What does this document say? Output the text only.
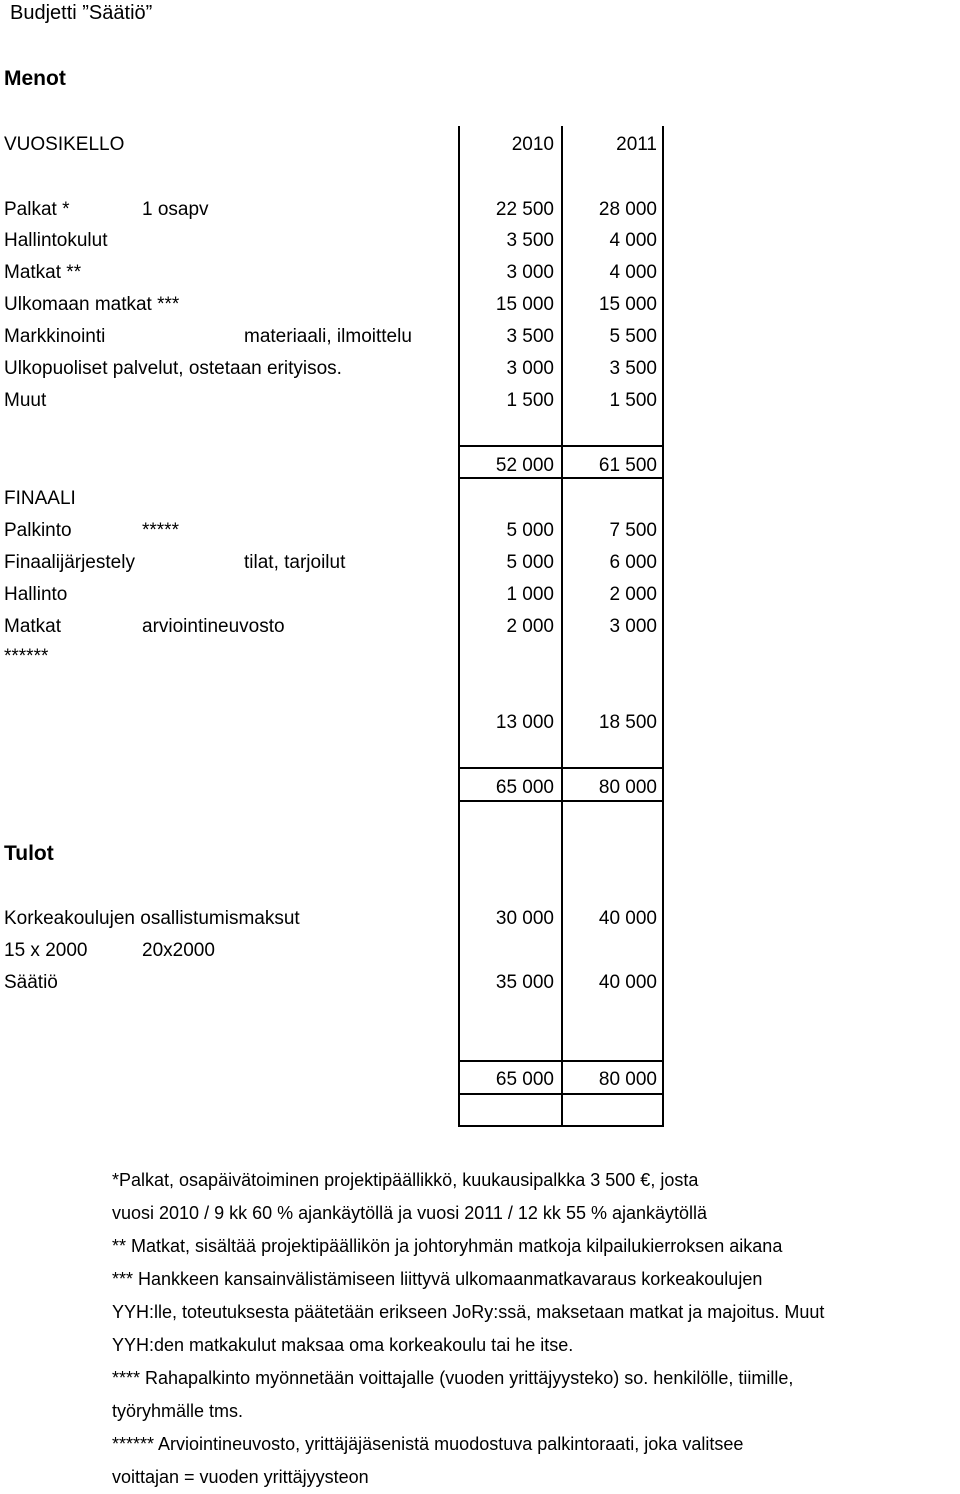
Budjetti ”Säätiö”
Menot
VUOSIKELLO	2010	2011
Palkat *	1 osapv	22 500	28 000
Hallintokulut	3 500	4 000
Matkat **	3 000	4 000
Ulkomaan matkat ***	15 000	15 000
Markkinointi	materiaali, ilmoittelu	3 500	5 500
Ulkopuoliset palvelut, ostetaan erityisos.	3 000	3 500
Muut	1 500	1 500
52 000	61 500
FINAALI
Palkinto	*****	5 000	7 500
Finaalijärjestely	tilat, tarjoilut	5 000	6 000
Hallinto	1 000	2 000
Matkat	arviointineuvosto	2 000	3 000
******
13 000	18 500
65 000	80 000
Tulot
Korkeakoulujen osallistumismaksut	30 000	40 000
15 x 2000	20x2000
Säätiö	35 000	40 000
65 000	80 000
*Palkat, osapäivätoiminen projektipäällikkö, kuukausipalkka 3 500 €, josta
vuosi 2010 / 9 kk 60 % ajankäytöllä ja vuosi 2011 / 12 kk 55 % ajankäytöllä
** Matkat, sisältää projektipäällikön ja johtoryhmän matkoja kilpailukierroksen aikana
*** Hankkeen kansainvälistämiseen liittyvä ulkomaanmatkavaraus korkeakoulujen
YYH:lle, toteutuksesta päätetään erikseen JoRy:ssä, maksetaan matkat ja majoitus. Muut
YYH:den matkakulut maksaa oma korkeakoulu tai he itse.
**** Rahapalkinto myönnetään voittajalle (vuoden yrittäjyysteko) so. henkilölle, tiimille,
työryhmälle tms.
****** Arviointineuvosto, yrittäjäjäsenistä muodostuva palkintoraati, joka valitsee
voittajan = vuoden yrittäjyysteon
